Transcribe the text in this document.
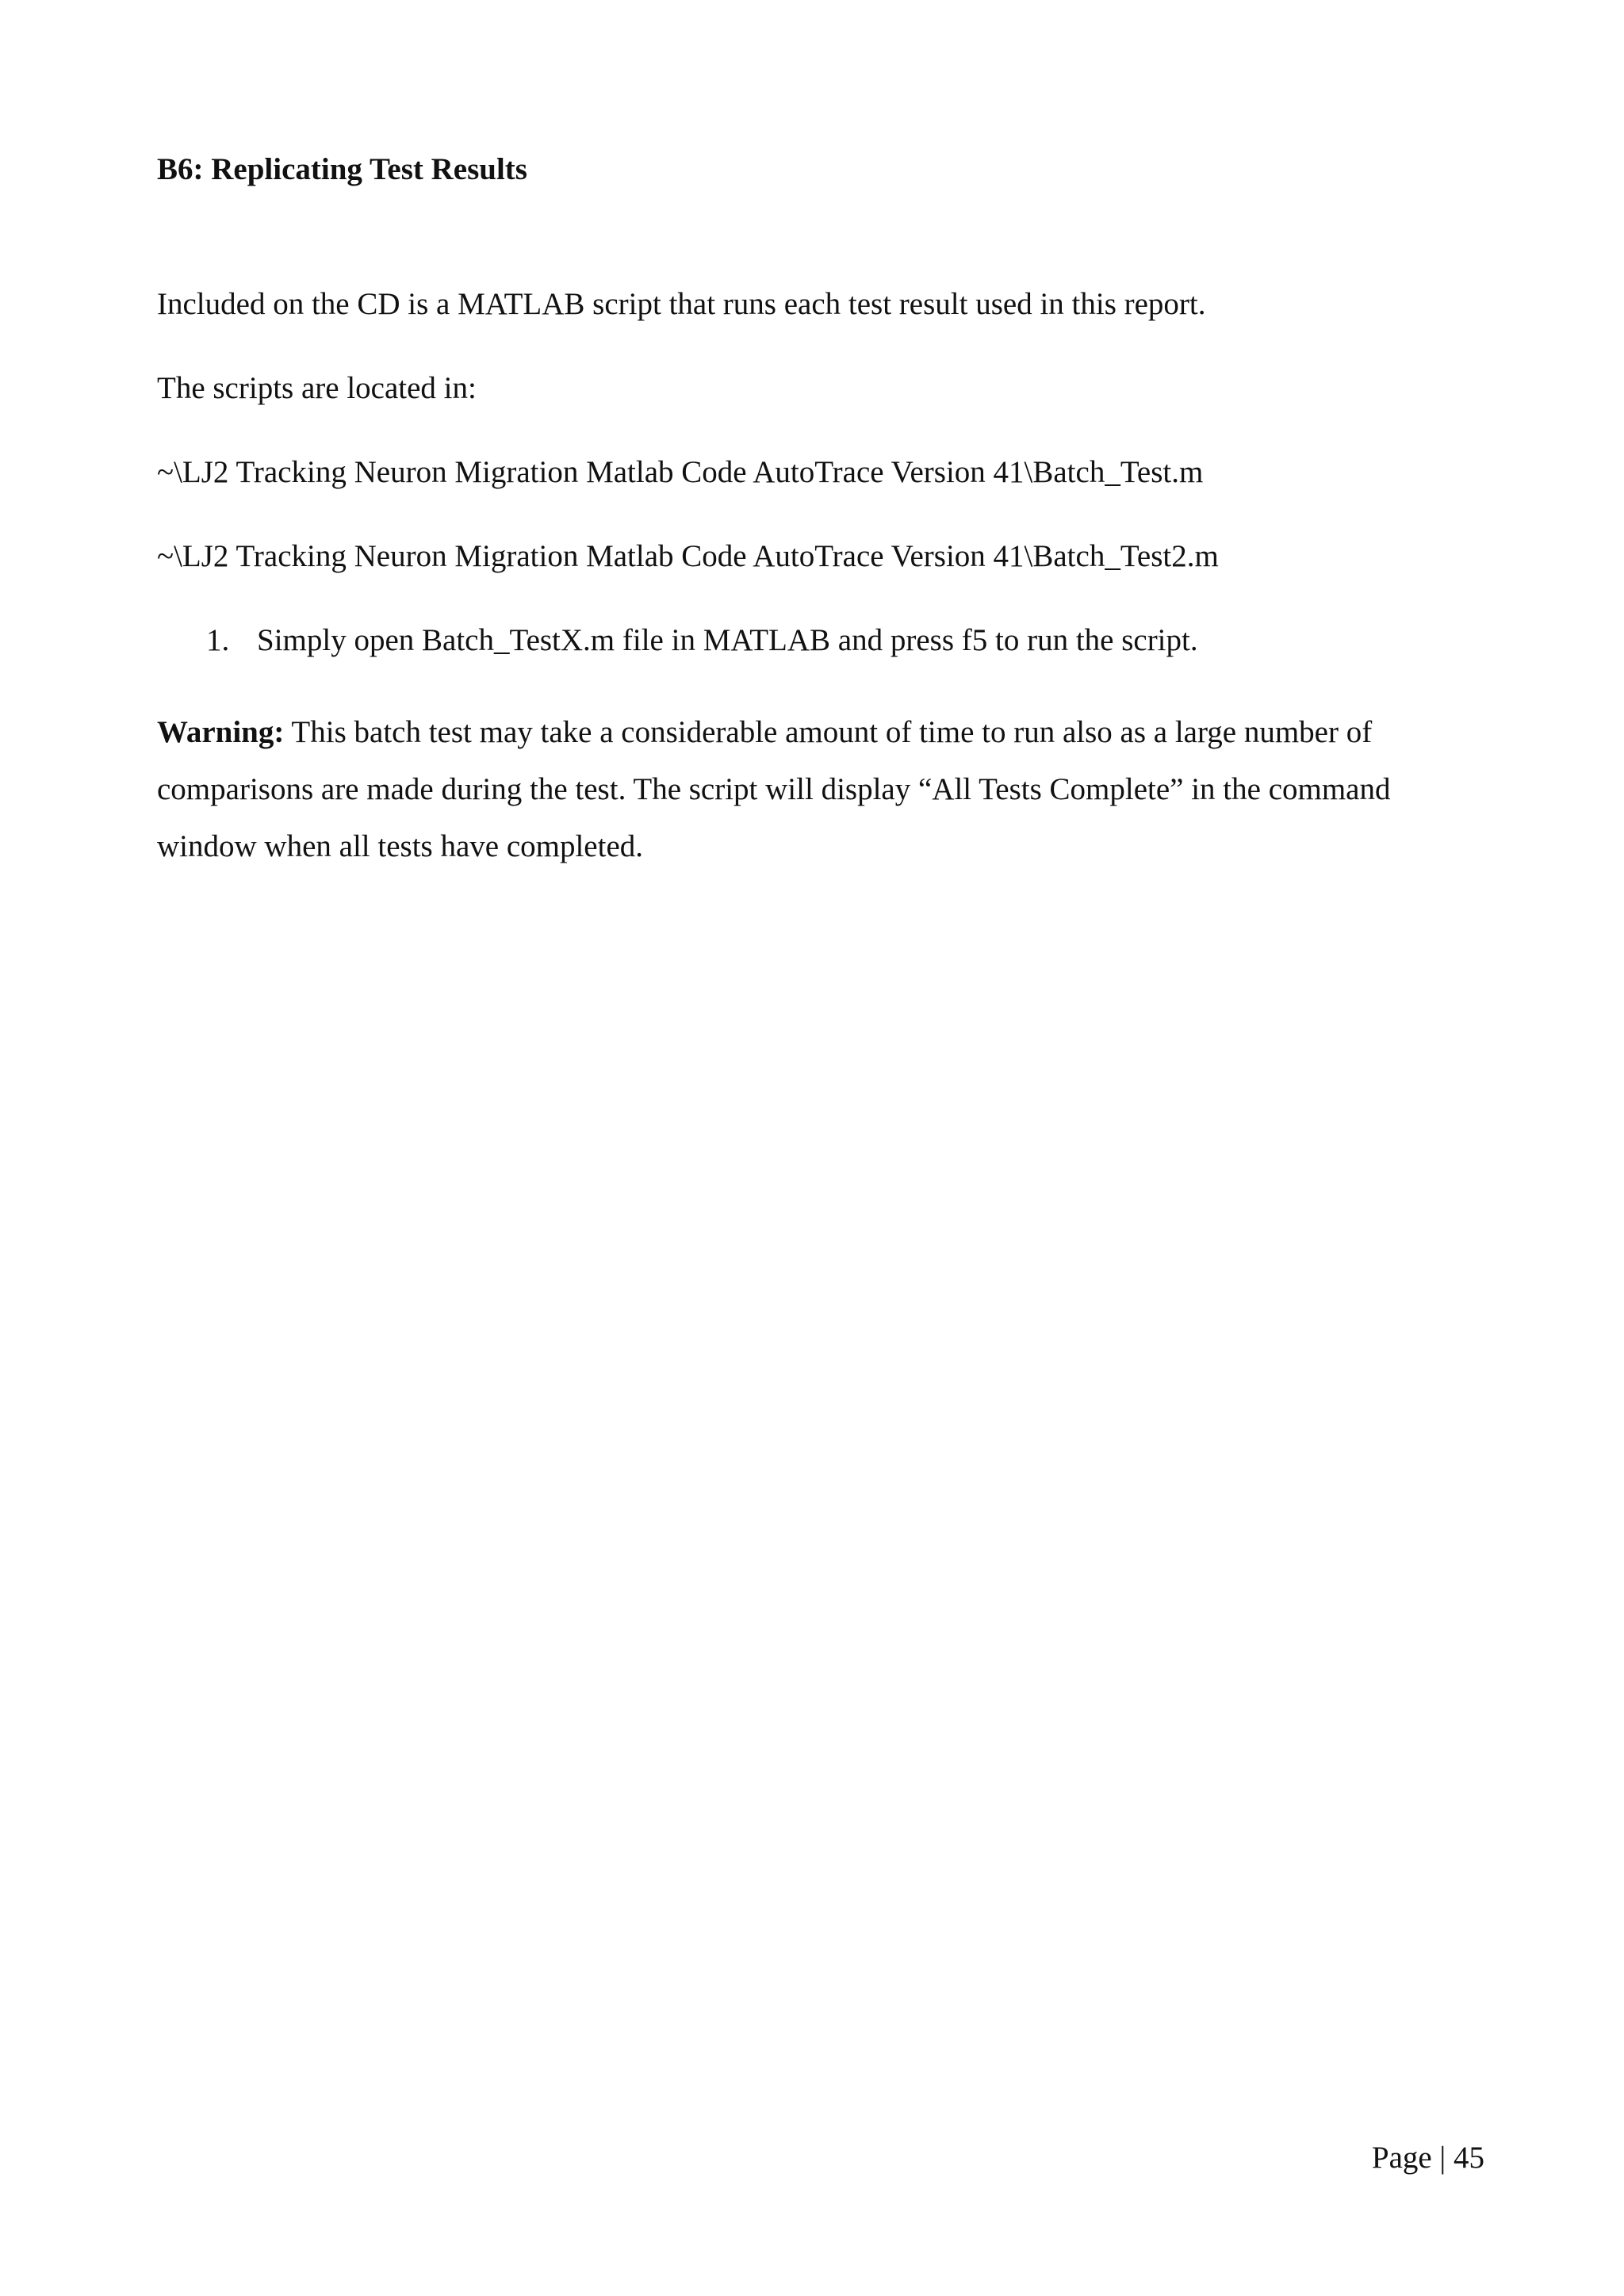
B6: Replicating Test Results

Included on the CD is a MATLAB script that runs each test result used in this report.

The scripts are located in:

~\LJ2 Tracking Neuron Migration Matlab Code AutoTrace Version 41\Batch_Test.m

~\LJ2 Tracking Neuron Migration Matlab Code AutoTrace Version 41\Batch_Test2.m

1. Simply open Batch_TestX.m file in MATLAB and press f5 to run the script.

Warning: This batch test may take a considerable amount of time to run also as a large number of comparisons are made during the test. The script will display “All Tests Complete” in the command window when all tests have completed.

Page | 45
